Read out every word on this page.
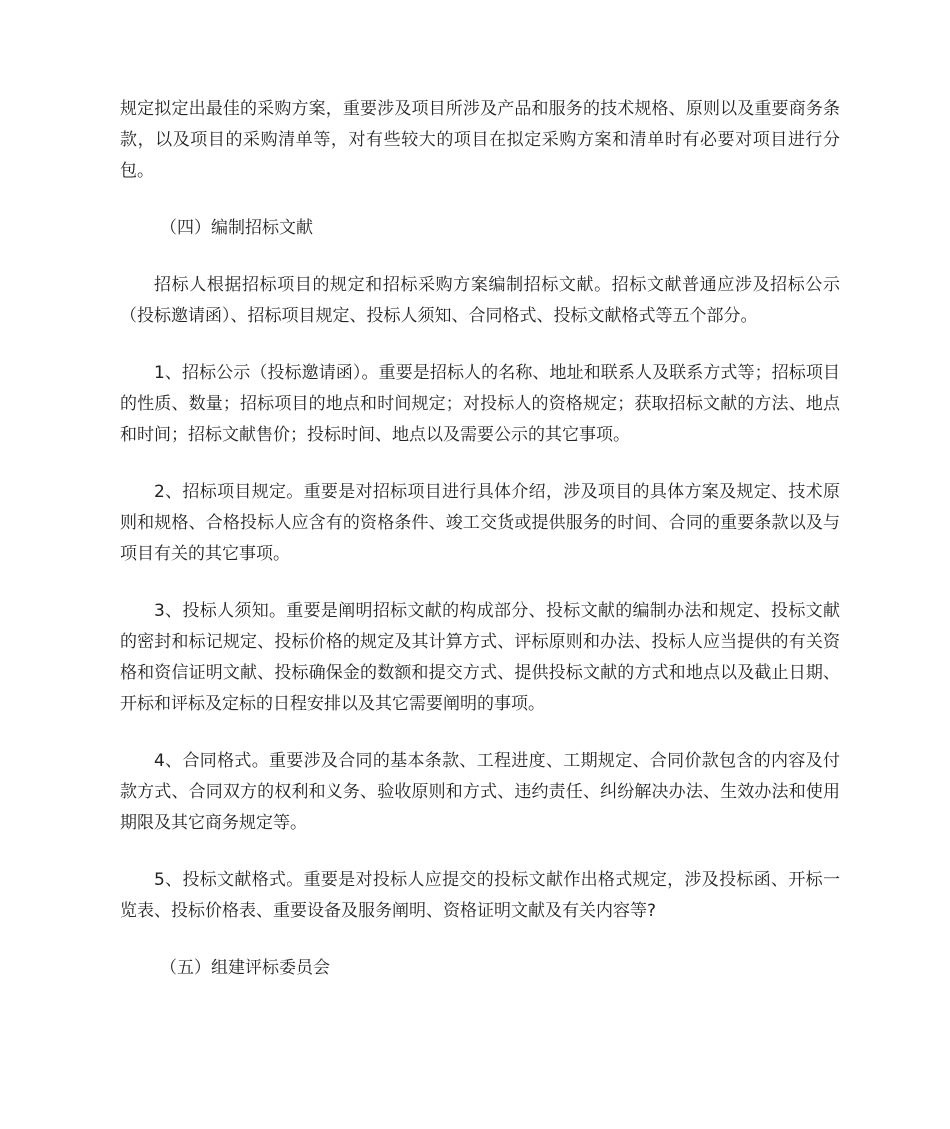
规定拟定出最佳的采购方案，重要涉及项目所涉及产品和服务的技术规格、原则以及重要商务条款，以及项目的采购清单等，对有些较大的项目在拟定采购方案和清单时有必要对项目进行分包。

（四）编制招标文献

招标人根据招标项目的规定和招标采购方案编制招标文献。招标文献普通应涉及招标公示（投标邀请函）、招标项目规定、投标人须知、合同格式、投标文献格式等五个部分。

1、招标公示（投标邀请函）。重要是招标人的名称、地址和联系人及联系方式等；招标项目的性质、数量；招标项目的地点和时间规定；对投标人的资格规定；获取招标文献的方法、地点和时间；招标文献售价；投标时间、地点以及需要公示的其它事项。

2、招标项目规定。重要是对招标项目进行具体介绍，涉及项目的具体方案及规定、技术原则和规格、合格投标人应含有的资格条件、竣工交货或提供服务的时间、合同的重要条款以及与项目有关的其它事项。

3、投标人须知。重要是阐明招标文献的构成部分、投标文献的编制办法和规定、投标文献的密封和标记规定、投标价格的规定及其计算方式、评标原则和办法、投标人应当提供的有关资格和资信证明文献、投标确保金的数额和提交方式、提供投标文献的方式和地点以及截止日期、开标和评标及定标的日程安排以及其它需要阐明的事项。

4、合同格式。重要涉及合同的基本条款、工程进度、工期规定、合同价款包含的内容及付款方式、合同双方的权利和义务、验收原则和方式、违约责任、纠纷解决办法、生效办法和使用期限及其它商务规定等。

5、投标文献格式。重要是对投标人应提交的投标文献作出格式规定，涉及投标函、开标一览表、投标价格表、重要设备及服务阐明、资格证明文献及有关内容等?

（五）组建评标委员会
